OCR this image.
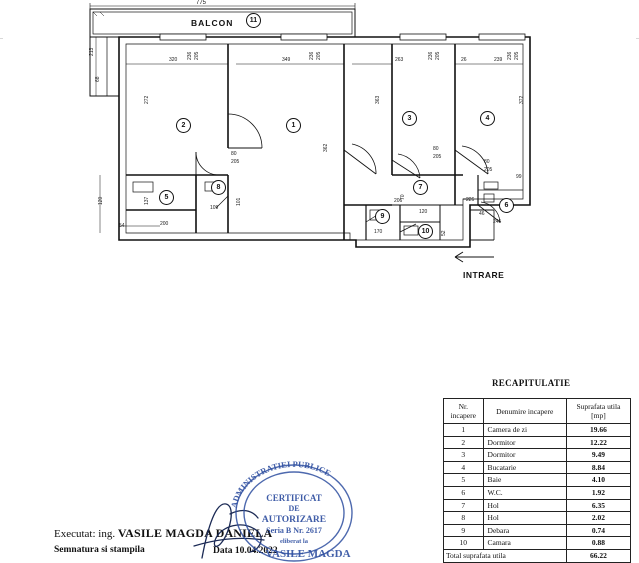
BALCON	11
INTRARE
1
2
3	4
5
6
7
8
9
10
775
213
68
320	349	263	26	239
272
362
363	372
236 205	236 205	236 205	236 205
80
205
80
205
80
205
99
137
109
101
54	200
120	70
206
170
120
52
226
46
245
RECAPITULATIE
Nr. incapere	Denumire incapere	Suprafata utila [mp]
1	Camera de zi	19.66
2	Dormitor	12.22
3	Dormitor	9.49
4	Bucatarie	8.84
5	Baie	4.10
6	W.C.	1.92
7	Hol	6.35
8	Hol	2.02
9	Debara	0.74
10	Camara	0.88
Total suprafata utila		66.22
Executat: ing. VASILE MAGDA DANIELA
Semnatura si stampila	Data 10.04.2022
ADMINISTRATIEI PUBLICE
CERTIFICAT
DE
AUTORIZARE
Seria B Nr. 2617
eliberat la
VASILE MAGDA
